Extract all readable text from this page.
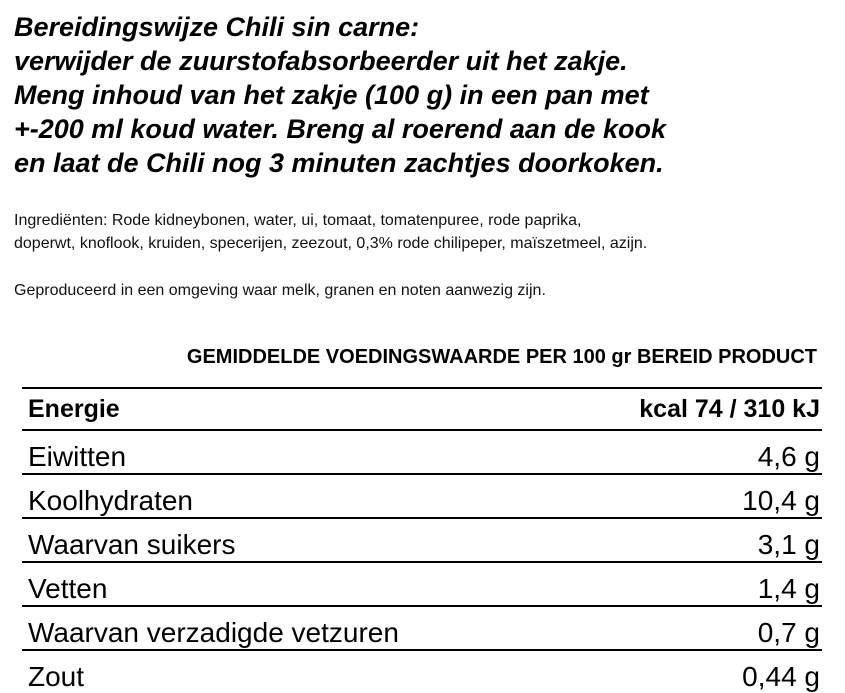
Bereidingswijze Chili sin carne:
verwijder de zuurstofabsorbeerder uit het zakje.
Meng inhoud van het zakje (100 g) in een pan met
+-200 ml koud water. Breng al roerend aan de kook
en laat de Chili nog 3 minuten zachtjes doorkoken.
Ingrediënten: Rode kidneybonen, water, ui, tomaat, tomatenpuree, rode paprika,
doperwt, knoflook, kruiden, specerijen, zeezout, 0,3% rode chilipeper, maïszetmeel, azijn.

Geproduceerd in een omgeving waar melk, granen en noten aanwezig zijn.

GEMIDDELDE VOEDINGSWAARDE PER 100 gr BEREID PRODUCT

Energie	kcal 74 / 310 kJ
Eiwitten	4,6 g
Koolhydraten	10,4 g
Waarvan suikers	3,1 g
Vetten	1,4 g
Waarvan verzadigde vetzuren	0,7 g
Zout	0,44 g
